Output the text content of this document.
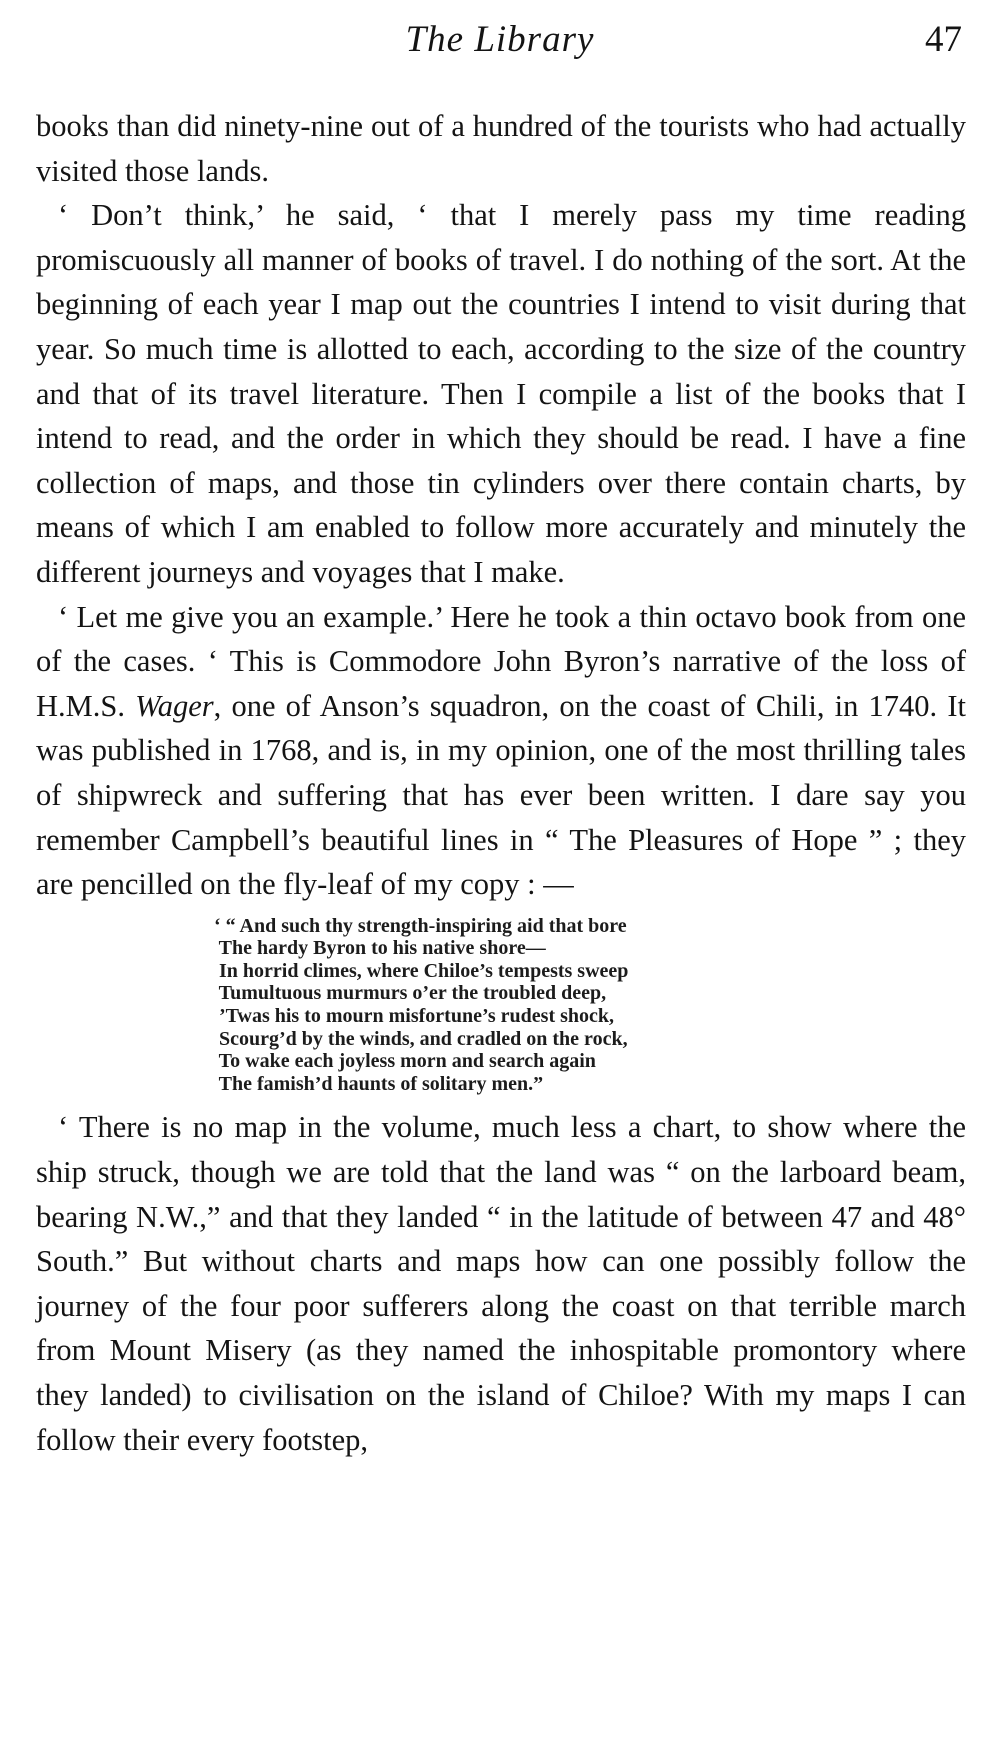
The Library	47

books than did ninety-nine out of a hundred of the tourists who had actually visited those lands.

‘ Don’t think,’ he said, ‘ that I merely pass my time reading promiscuously all manner of books of travel. I do nothing of the sort. At the beginning of each year I map out the countries I intend to visit during that year. So much time is allotted to each, according to the size of the country and that of its travel literature. Then I compile a list of the books that I intend to read, and the order in which they should be read. I have a fine collection of maps, and those tin cylinders over there contain charts, by means of which I am enabled to follow more accurately and minutely the different journeys and voyages that I make.

‘ Let me give you an example.’ Here he took a thin octavo book from one of the cases. ‘ This is Commodore John Byron’s narrative of the loss of H.M.S. Wager, one of Anson’s squadron, on the coast of Chili, in 1740. It was published in 1768, and is, in my opinion, one of the most thrilling tales of shipwreck and suffering that has ever been written. I dare say you remember Campbell’s beautiful lines in “ The Pleasures of Hope ” ; they are pencilled on the fly-leaf of my copy : —

‘ “ And such thy strength-inspiring aid that bore
The hardy Byron to his native shore—
In horrid climes, where Chiloe’s tempests sweep
Tumultuous murmurs o’er the troubled deep,
’Twas his to mourn misfortune’s rudest shock,
Scourg’d by the winds, and cradled on the rock,
To wake each joyless morn and search again
The famish’d haunts of solitary men.”

‘ There is no map in the volume, much less a chart, to show where the ship struck, though we are told that the land was “ on the larboard beam, bearing N.W.,” and that they landed “ in the latitude of between 47 and 48° South.” But without charts and maps how can one possibly follow the journey of the four poor sufferers along the coast on that terrible march from Mount Misery (as they named the inhospitable promontory where they landed) to civilisation on the island of Chiloe? With my maps I can follow their every footstep,
